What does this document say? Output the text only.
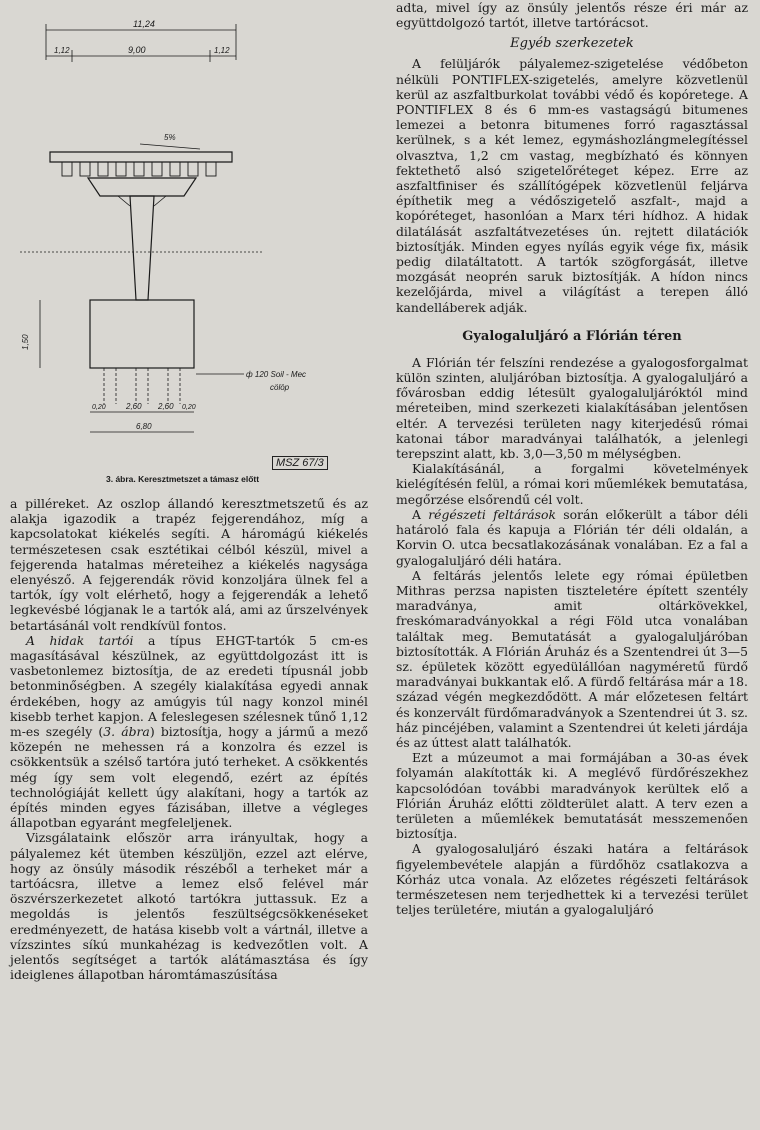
11,24
1,12	9,00	1,12
5%
1,50
ф 120 Soil - Mec
cölöp
0,20	2,60 2,60 0,20
6,80
MSZ 67/3
3. ábra. Keresztmetszet a támasz előtt

a pilléreket. Az oszlop állandó keresztmetszetű és az alakja igazodik a trapéz fejgerendához, míg a kapcsolatokat kiékelés segíti. A háromágú kiékelés természetesen csak esztétikai célból készül, mivel a fejgerenda hatalmas méreteihez a kiékelés nagysága elenyésző. A fejgerendák rövid konzoljára ülnek fel a tartók, így volt elérhető, hogy a fejgerendák a lehető legkevésbé lógjanak le a tartók alá, ami az űrszelvények betartásánál volt rendkívül fontos.

A hidak tartói a típus EHGT-tartók 5 cm-es magasításával készülnek, az együttdolgozást itt is vasbetonlemez biztosítja, de az eredeti típusnál jobb betonminőségben. A szegély kialakítása egyedi annak érdekében, hogy az amúgyis túl nagy konzol minél kisebb terhet kapjon. A feleslegesen szélesnek tűnő 1,12 m-es szegély (3. ábra) biztosítja, hogy a jármű a mező közepén ne mehessen rá a konzolra és ezzel is csökkentsük a szélső tartóra jutó terheket. A csökkentés még így sem volt elegendő, ezért az építés technológiáját kellett úgy alakítani, hogy a tartók az építés minden egyes fázisában, illetve a végleges állapotban egyaránt megfeleljenek.

Vizsgálataink először arra irányultak, hogy a pályalemez két ütemben készüljön, ezzel azt elérve, hogy az önsúly második részéből a terheket már a tartóácsra, illetve a lemez első felével már öszvérszerkezetet alkotó tartókra juttassuk. Ez a megoldás is jelentős feszültségcsökkenéseket eredményezett, de hatása kisebb volt a vártnál, illetve a vízszintes síkú munkahézag is kedvezőtlen volt. A jelentős segítséget a tartók alátámasztása és így ideiglenes állapotban háromtámaszúsítása

adta, mivel így az önsúly jelentős része éri már az együttdolgozó tartót, illetve tartórácsot.

Egyéb szerkezetek

A felüljárók pályalemez-szigetelése védőbeton nélküli PONTIFLEX-szigetelés, amelyre közvetlenül kerül az aszfaltburkolat további védő és kopóretege. A PONTIFLEX 8 és 6 mm-es vastagságú bitumenes lemezei a betonra bitumenes forró ragasztással kerülnek, s a két lemez, egymáshozlángmelegítéssel olvasztva, 1,2 cm vastag, megbízható és könnyen fektethető alsó szigetelőréteget képez. Erre az aszfaltfiniser és szállítógépek közvetlenül feljárva építhetik meg a védőszigetelő aszfalt-, majd a kopóréteget, hasonlóan a Marx téri hídhoz. A hidak dilatálását aszfaltátvezetéses ún. rejtett dilatációk biztosítják. Minden egyes nyílás egyik vége fix, másik pedig dilatáltatott. A tartók szögforgását, illetve mozgását neoprén saruk biztosítják. A hídon nincs kezelőjárda, mivel a világítást a terepen álló kandelláberek adják.

Gyalogaluljáró a Flórián téren

A Flórián tér felszíni rendezése a gyalogosforgalmat külön szinten, aluljáróban biztosítja. A gyalogaluljáró a fővárosban eddig létesült gyalogaluljáróktól mind méreteiben, mind szerkezeti kialakításában jelentősen eltér. A tervezési területen nagy kiterjedésű római katonai tábor maradványai találhatók, a jelenlegi terepszint alatt, kb. 3,0—3,50 m mélységben.

Kialakításánál, a forgalmi követelmények kielégítésén felül, a római kori műemlékek bemutatása, megőrzése elsőrendű cél volt.

A régészeti feltárások során előkerült a tábor déli határoló fala és kapuja a Flórián tér déli oldalán, a Korvin O. utca becsatlakozásának vonalában. Ez a fal a gyalogaluljáró déli határa.

A feltárás jelentős lelete egy római épületben Mithras perzsa napisten tiszteletére épített szentély maradványa, amit oltárkövekkel, freskómaradványokkal a régi Föld utca vonalában találtak meg. Bemutatását a gyalogaluljáróban biztosították. A Flórián Áruház és a Szentendrei út 3—5 sz. épületek között egyedülállóan nagyméretű fürdő maradványai bukkantak elő. A fürdő feltárása már a 18. század végén megkezdődött. A már előzetesen feltárt és konzervált fürdőmaradványok a Szentendrei út 3. sz. ház pincéjében, valamint a Szentendrei út keleti járdája és az úttest alatt találhatók.

Ezt a múzeumot a mai formájában a 30-as évek folyamán alakították ki. A meglévő fürdőrészekhez kapcsolódóan további maradványok kerültek elő a Flórián Áruház előtti zöldterület alatt. A terv ezen a területen a műemlékek bemutatását messzemenően biztosítja.

A gyalogosaluljáró északi határa a feltárások figyelembevétele alapján a fürdőhöz csatlakozva a Kórház utca vonala. Az előzetes régészeti feltárások természetesen nem terjedhettek ki a tervezési terület teljes területére, miután a gyalogaluljáró
